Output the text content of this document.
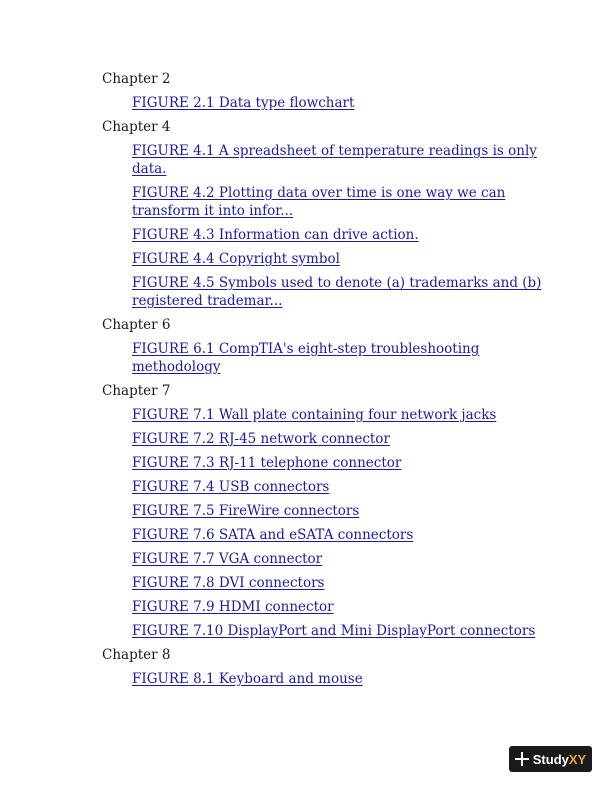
Chapter 2
FIGURE 2.1 Data type flowchart
Chapter 4
FIGURE 4.1 A spreadsheet of temperature readings is only data.
FIGURE 4.2 Plotting data over time is one way we can transform it into infor...
FIGURE 4.3 Information can drive action.
FIGURE 4.4 Copyright symbol
FIGURE 4.5 Symbols used to denote (a) trademarks and (b) registered trademar...
Chapter 6
FIGURE 6.1 CompTIA's eight-step troubleshooting methodology
Chapter 7
FIGURE 7.1 Wall plate containing four network jacks
FIGURE 7.2 RJ-45 network connector
FIGURE 7.3 RJ-11 telephone connector
FIGURE 7.4 USB connectors
FIGURE 7.5 FireWire connectors
FIGURE 7.6 SATA and eSATA connectors
FIGURE 7.7 VGA connector
FIGURE 7.8 DVI connectors
FIGURE 7.9 HDMI connector
FIGURE 7.10 DisplayPort and Mini DisplayPort connectors
Chapter 8
FIGURE 8.1 Keyboard and mouse
StudyXY
